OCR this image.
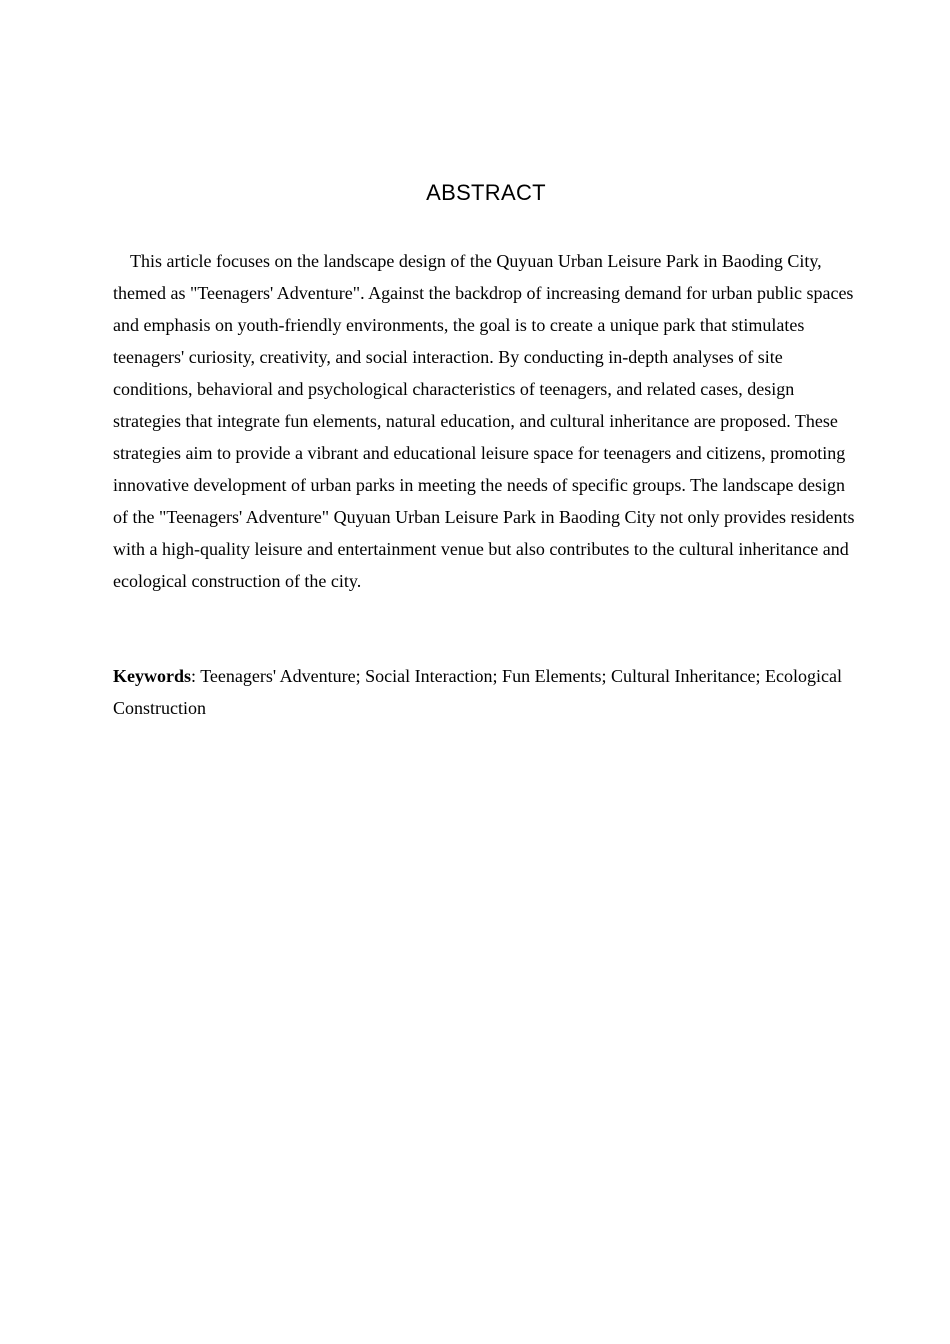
ABSTRACT

This article focuses on the landscape design of the Quyuan Urban Leisure Park in Baoding City, themed as "Teenagers' Adventure". Against the backdrop of increasing demand for urban public spaces and emphasis on youth-friendly environments, the goal is to create a unique park that stimulates teenagers' curiosity, creativity, and social interaction. By conducting in-depth analyses of site conditions, behavioral and psychological characteristics of teenagers, and related cases, design strategies that integrate fun elements, natural education, and cultural inheritance are proposed. These strategies aim to provide a vibrant and educational leisure space for teenagers and citizens, promoting innovative development of urban parks in meeting the needs of specific groups. The landscape design of the "Teenagers' Adventure" Quyuan Urban Leisure Park in Baoding City not only provides residents with a high-quality leisure and entertainment venue but also contributes to the cultural inheritance and ecological construction of the city.

Keywords: Teenagers' Adventure; Social Interaction; Fun Elements; Cultural Inheritance; Ecological Construction
